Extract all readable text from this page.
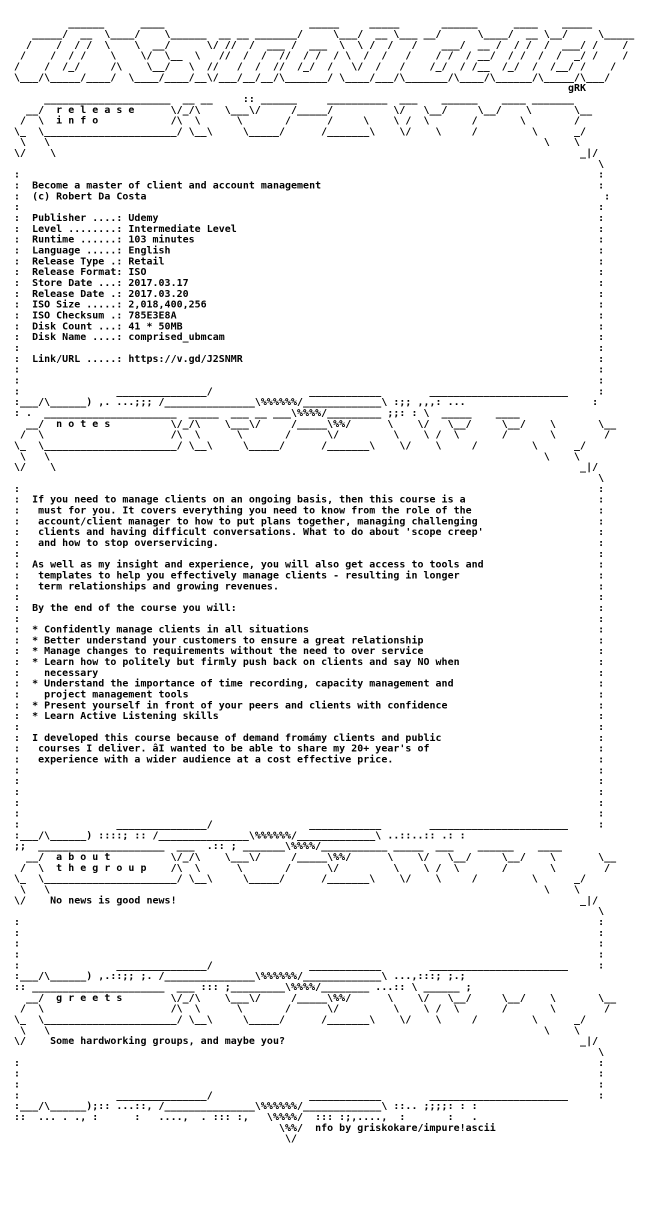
______      ____                        _____     _____       ______      ____    _____
_____/  __  \____/    \______  __ __ _______/     \___/  __ \___ __/      \____/  __ \__/     \_____
/    /  / /  \    \  __/      \/ //  /  ___ /  ___  \  \ /  /   /    ___/  __ /  / /  /  ___/ /    /
/    /  / /    \    \/  \__  \   //  /  /  //  / /  / \  /  /   /    / /  / __/  / /  /  /  _/ /    /
/    /  /_/     /\    \__/   \  //   /  /  //  /_/  /   \/  /   /    /_/  / /__  /_/  /  /__/ /    /
\___/\_____/____/  \____/____/__\/___/__/__/\_______/ \____/___/\_______/\____/\______/\_____/\___/
gRK
_____________________  __ __     :: ______     __________  ___    ______    ____ _______
__/  r e l e a s e      \/_/\    \___\/     /_____/          \/   \__/     \__/    \       \__
/  \  i n f o            /\  \      \       /      /     \    \ /  \       /       \        /
\_  \______________________/ \__\     \_____/      /_______\    \/    \     /         \      _/
\   \                                                                                  \    \
\/    \                                                                                       _|/
\
:                                                                                                :
:  Become a master of client and account management                                              :
:  (c) Robert Da Costa                                                                            :
:                                                                                                :
:  Publisher ....: Udemy                                                                         :
:  Level ........: Intermediate Level                                                            :
:  Runtime ......: 103 minutes                                                                   :
:  Language .....: English                                                                       :
:  Release Type .: Retail                                                                        :
:  Release Format: ISO                                                                           :
:  Store Date ...: 2017.03.17                                                                    :
:  Release Date .: 2017.03.20                                                                    :
:  ISO Size .....: 2,018,400,256                                                                 :
:  ISO Checksum .: 785E3E8A                                                                      :
:  Disk Count ...: 41 * 50MB                                                                     :
:  Disk Name ....: comprised_ubmcam                                                              :
:                                                                                                :
:  Link/URL .....: https://v.gd/J2SNMR                                                           :
:                                                                                                :
:                                                                                                :
:                _______________/                ____________        _______________________     :
:___/\______) ,. ...;;; /_______________\%%%%%%/_____________\ :;; ,,,: ...                     :
: .  ______________________  _____  ___ __ ___\%%%%/_________ ;;: : \  _____    ____
__/  n o t e s          \/_/\    \___\/     /_____\%%/      \    \/   \__/     \__/    \       \__
/  \                     /\  \      \       /      \/         \    \ /  \       /       \        /
\_  \______________________/ \__\     \_____/      /_______\    \/    \     /         \      _/
\   \                                                                                  \    \
\/    \                                                                                       _|/
\
:                                                                                                :
:  If you need to manage clients on an ongoing basis, then this course is a                      :
:   must for you. It covers everything you need to know from the role of the                     :
:   account/client manager to how to put plans together, managing challenging                    :
:   clients and having difficult conversations. What to do about 'scope creep'                   :
:   and how to stop overservicing.                                                               :
:                                                                                                :
:  As well as my insight and experience, you will also get access to tools and                   :
:   templates to help you effectively manage clients - resulting in longer                       :
:   term relationships and growing revenues.                                                     :
:                                                                                                :
:  By the end of the course you will:                                                            :
:                                                                                                :
:  * Confidently manage clients in all situations                                                :
:  * Better understand your customers to ensure a great relationship                             :
:  * Manage changes to requirements without the need to over service                             :
:  * Learn how to politely but firmly push back on clients and say NO when                       :
:    necessary                                                                                   :
:  * Understand the importance of time recording, capacity management and                        :
:    project management tools                                                                    :
:  * Present yourself in front of your peers and clients with confidence                         :
:  * Learn Active Listening skills                                                               :
:                                                                                                :
:  I developed this course because of demand fromámy clients and public                          :
:   courses I deliver. âI wanted to be able to share my 20+ year's of                            :
:   experience with a wider audience at a cost effective price.                                  :
:                                                                                                :
:                                                                                                :
:                                                                                                :
:                                                                                                :
:                                                                                                :
:                _______________/                ____________        _______________________     :
:___/\______) ::::; :: /_______________\%%%%%%/_____________\ ..::..:: .: :
;;  _____________________  ___  .:: ; _______\%%%%/___________ _____  ___    ______    ____
__/  a b o u t          \/_/\    \___\/     /_____\%%/      \    \/   \__/     \__/    \       \__
/  \  t h e g r o u p    /\  \      \       /      \/         \    \ /  \       /       \        /
\_  \______________________/ \__\     \_____/      /_______\    \/    \     /         \      _/
\   \                                                                                  \    \
\/    No news is good news!                                                                   _|/
\
:                                                                                                :
:                                                                                                :
:                                                                                                :
:                                                                                                :
:                _______________/                ____________        _______________________     :
:___/\______) ,.::;; ;. /_______________\%%%%%%/_____________\ ...,:::; ;.;
:: ______________________  ___ ::: ;_________\%%%%/________ ...:: \ ______ ;
__/  g r e e t s        \/_/\    \___\/     /_____\%%/      \    \/   \__/     \__/    \       \__
/  \                     /\  \      \       /      \/         \    \ /  \       /       \        /
\_  \______________________/ \__\     \_____/      /_______\    \/    \     /         \      _/
\   \                                                                                  \    \
\/    Some hardworking groups, and maybe you?                                                 _|/
\
:                                                                                                :
:                                                                                                :
:                                                                                                :
:                _______________/                ____________        _______________________     :
:___/\______);:: ...::, /_______________\%%%%%%/_____________\ ::.. ;;;;: : :
::  ... . ., :      :   ....,  . ::: :,   \%%%%/  ::: :;,....,  :       :   .
\%%/  nfo by griskokare/impure!ascii
\/
